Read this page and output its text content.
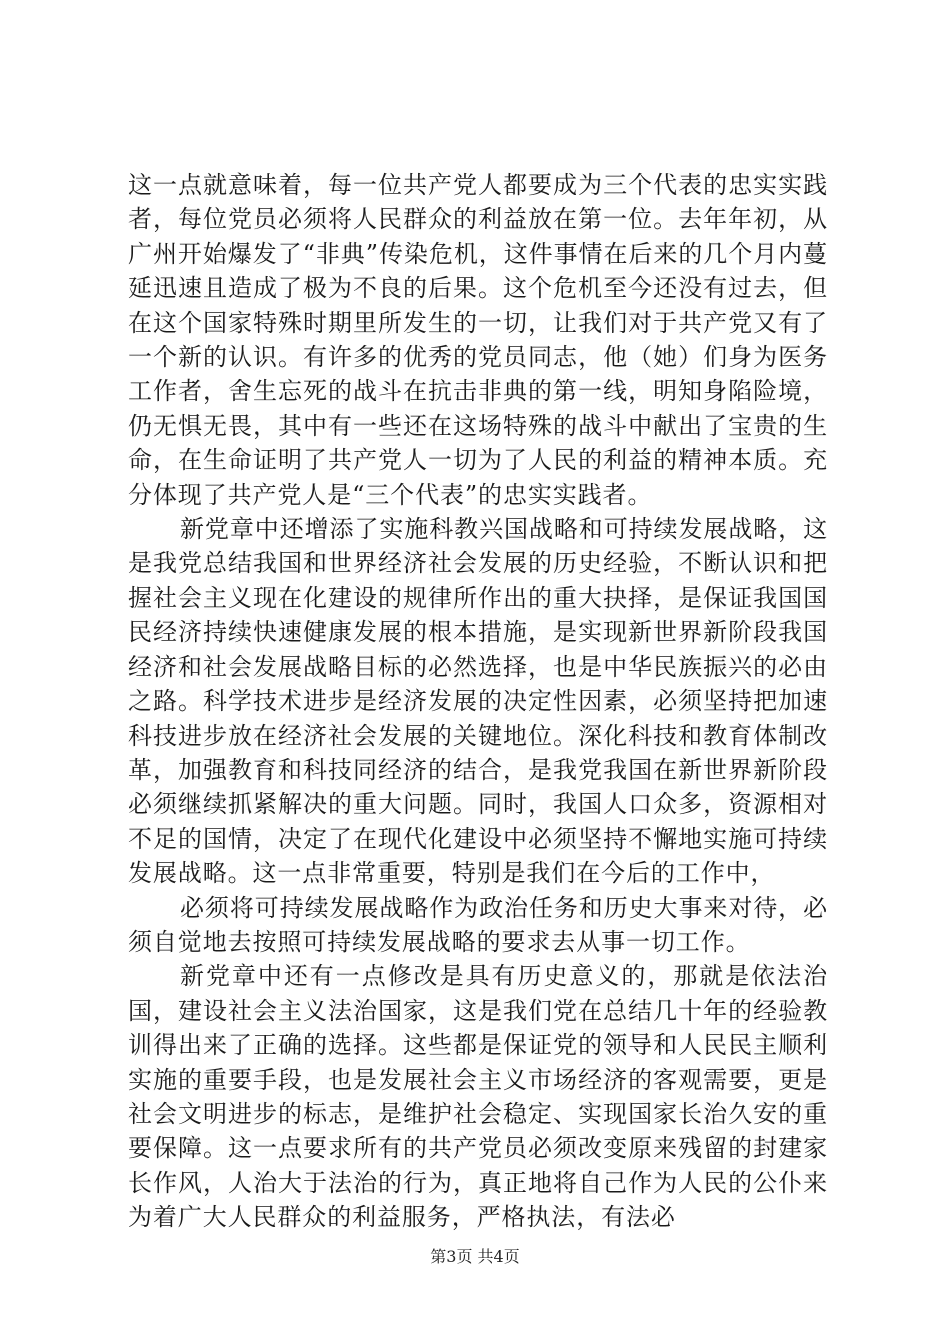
这一点就意味着，每一位共产党人都要成为三个代表的忠实实践者，每位党员必须将人民群众的利益放在第一位。去年年初，从广州开始爆发了“非典”传染危机，这件事情在后来的几个月内蔓延迅速且造成了极为不良的后果。这个危机至今还没有过去，但在这个国家特殊时期里所发生的一切，让我们对于共产党又有了一个新的认识。有许多的优秀的党员同志，他（她）们身为医务工作者，舍生忘死的战斗在抗击非典的第一线，明知身陷险境，仍无惧无畏，其中有一些还在这场特殊的战斗中献出了宝贵的生命，在生命证明了共产党人一切为了人民的利益的精神本质。充分体现了共产党人是“三个代表”的忠实实践者。

新党章中还增添了实施科教兴国战略和可持续发展战略，这是我党总结我国和世界经济社会发展的历史经验，不断认识和把握社会主义现在化建设的规律所作出的重大抉择，是保证我国国民经济持续快速健康发展的根本措施，是实现新世界新阶段我国经济和社会发展战略目标的必然选择，也是中华民族振兴的必由之路。科学技术进步是经济发展的决定性因素，必须坚持把加速科技进步放在经济社会发展的关键地位。深化科技和教育体制改革，加强教育和科技同经济的结合，是我党我国在新世界新阶段必须继续抓紧解决的重大问题。同时，我国人口众多，资源相对不足的国情，决定了在现代化建设中必须坚持不懈地实施可持续发展战略。这一点非常重要，特别是我们在今后的工作中，

必须将可持续发展战略作为政治任务和历史大事来对待，必须自觉地去按照可持续发展战略的要求去从事一切工作。

新党章中还有一点修改是具有历史意义的，那就是依法治国，建设社会主义法治国家，这是我们党在总结几十年的经验教训得出来了正确的选择。这些都是保证党的领导和人民民主顺利实施的重要手段，也是发展社会主义市场经济的客观需要，更是社会文明进步的标志，是维护社会稳定、实现国家长治久安的重要保障。这一点要求所有的共产党员必须改变原来残留的封建家长作风，人治大于法治的行为，真正地将自己作为人民的公仆来为着广大人民群众的利益服务，严格执法，有法必

第3页 共4页
